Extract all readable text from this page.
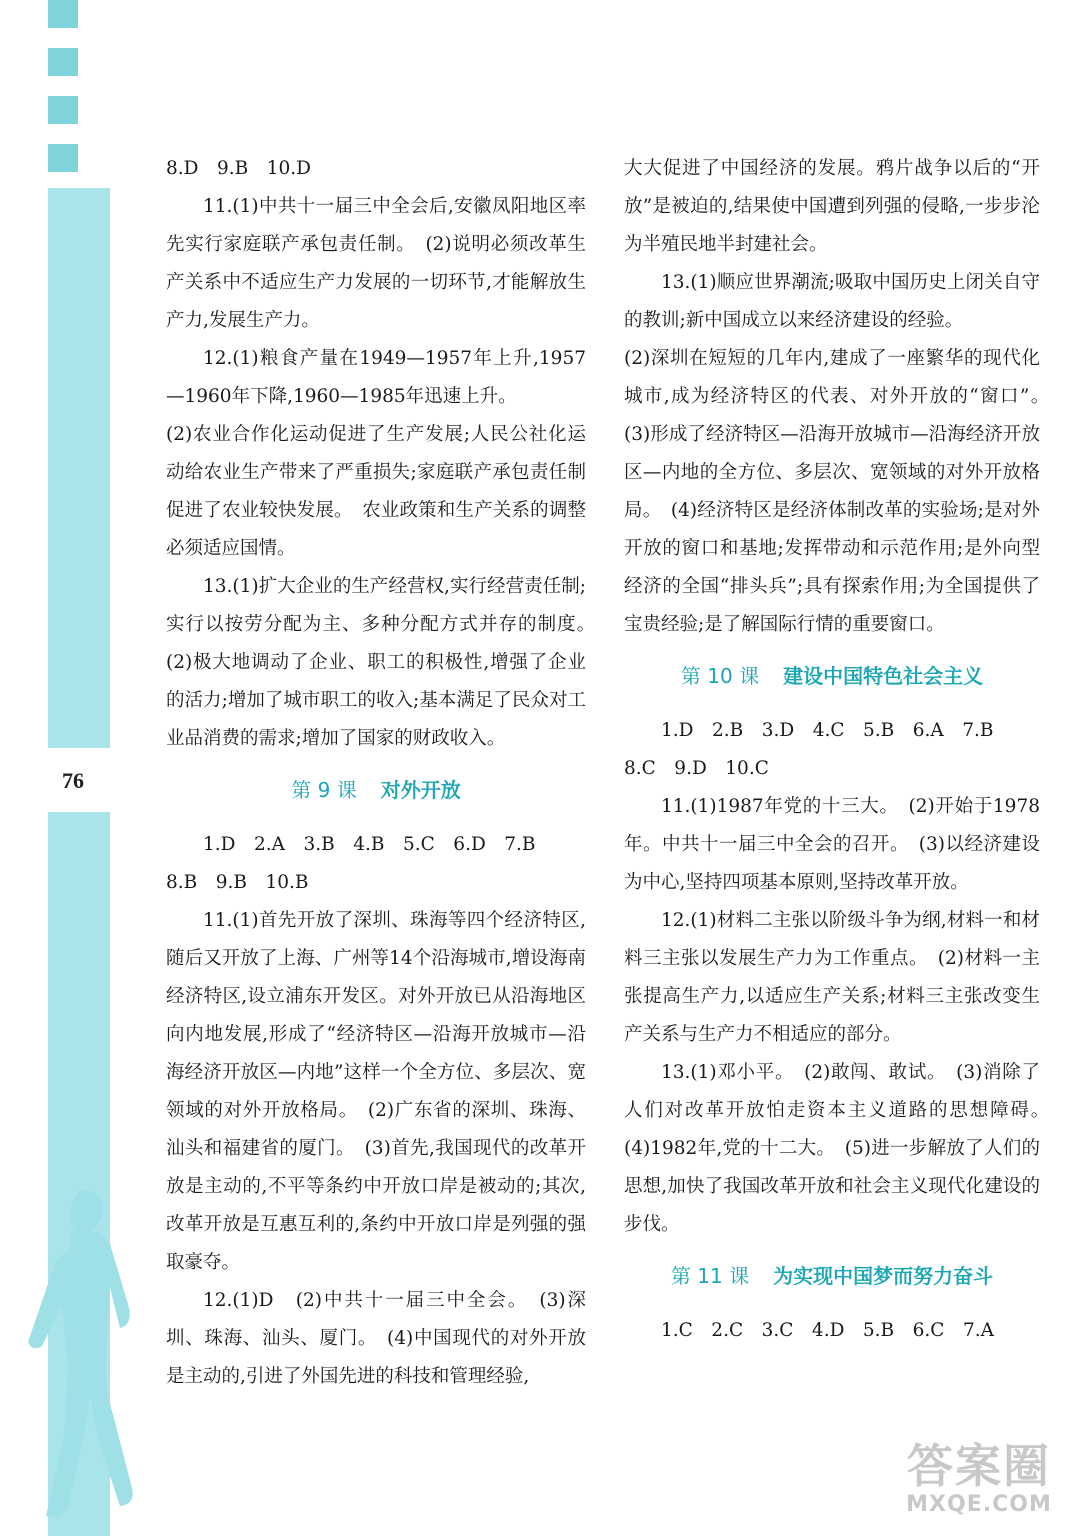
76

8.D　9.B　10.D

11.(1)中共十一届三中全会后,安徽凤阳地区率先实行家庭联产承包责任制。　(2)说明必须改革生产关系中不适应生产力发展的一切环节,才能解放生产力,发展生产力。

12.(1)粮食产量在1949—1957年上升,1957—1960年下降,1960—1985年迅速上升。

(2)农业合作化运动促进了生产发展;人民公社化运动给农业生产带来了严重损失;家庭联产承包责任制促进了农业较快发展。　农业政策和生产关系的调整必须适应国情。

13.(1)扩大企业的生产经营权,实行经营责任制;实行以按劳分配为主、多种分配方式并存的制度。　(2)极大地调动了企业、职工的积极性,增强了企业的活力;增加了城市职工的收入;基本满足了民众对工业品消费的需求;增加了国家的财政收入。

第 9 课 对外开放

1.D　2.A　3.B　4.B　5.C　6.D　7.B

8.B　9.B　10.B

11.(1)首先开放了深圳、珠海等四个经济特区,随后又开放了上海、广州等14个沿海城市,增设海南经济特区,设立浦东开发区。对外开放已从沿海地区向内地发展,形成了“经济特区—沿海开放城市—沿海经济开放区—内地”这样一个全方位、多层次、宽领域的对外开放格局。　(2)广东省的深圳、珠海、汕头和福建省的厦门。　(3)首先,我国现代的改革开放是主动的,不平等条约中开放口岸是被动的;其次,改革开放是互惠互利的,条约中开放口岸是列强的强取豪夺。

12.(1)D　(2)中共十一届三中全会。　(3)深圳、珠海、汕头、厦门。　(4)中国现代的对外开放是主动的,引进了外国先进的科技和管理经验,

大大促进了中国经济的发展。鸦片战争以后的“开放”是被迫的,结果使中国遭到列强的侵略,一步步沦为半殖民地半封建社会。

13.(1)顺应世界潮流;吸取中国历史上闭关自守的教训;新中国成立以来经济建设的经验。

(2)深圳在短短的几年内,建成了一座繁华的现代化城市,成为经济特区的代表、对外开放的“窗口”。　(3)形成了经济特区—沿海开放城市—沿海经济开放区—内地的全方位、多层次、宽领域的对外开放格局。　(4)经济特区是经济体制改革的实验场;是对外开放的窗口和基地;发挥带动和示范作用;是外向型经济的全国“排头兵”;具有探索作用;为全国提供了宝贵经验;是了解国际行情的重要窗口。

第 10 课 建设中国特色社会主义

1.D　2.B　3.D　4.C　5.B　6.A　7.B

8.C　9.D　10.C

11.(1)1987年党的十三大。　(2)开始于1978年。中共十一届三中全会的召开。　(3)以经济建设为中心,坚持四项基本原则,坚持改革开放。

12.(1)材料二主张以阶级斗争为纲,材料一和材料三主张以发展生产力为工作重点。　(2)材料一主张提高生产力,以适应生产关系;材料三主张改变生产关系与生产力不相适应的部分。

13.(1)邓小平。　(2)敢闯、敢试。　(3)消除了人们对改革开放怕走资本主义道路的思想障碍。　(4)1982年,党的十二大。　(5)进一步解放了人们的思想,加快了我国改革开放和社会主义现代化建设的步伐。

第 11 课 为实现中国梦而努力奋斗

1.C　2.C　3.C　4.D　5.B　6.C　7.A

答案圈
MXQE.COM
